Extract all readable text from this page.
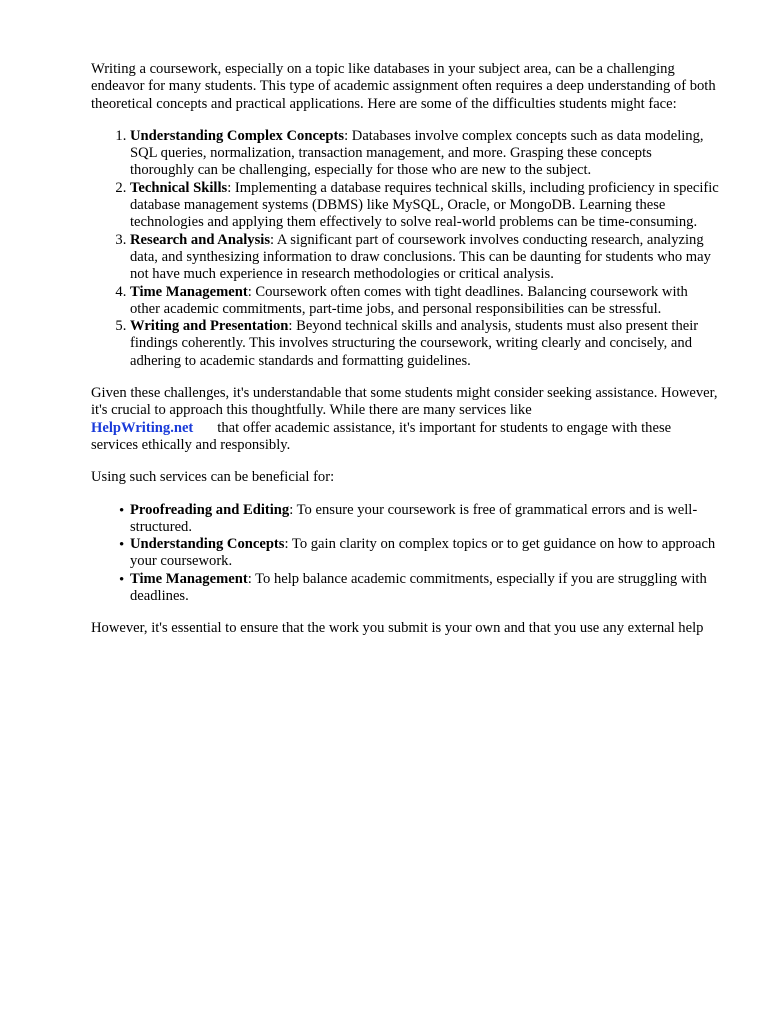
Writing a coursework, especially on a topic like databases in your subject area, can be a challenging endeavor for many students. This type of academic assignment often requires a deep understanding of both theoretical concepts and practical applications. Here are some of the difficulties students might face:

1. Understanding Complex Concepts: Databases involve complex concepts such as data modeling, SQL queries, normalization, transaction management, and more. Grasping these concepts thoroughly can be challenging, especially for those who are new to the subject.
2. Technical Skills: Implementing a database requires technical skills, including proficiency in specific database management systems (DBMS) like MySQL, Oracle, or MongoDB. Learning these technologies and applying them effectively to solve real-world problems can be time-consuming.
3. Research and Analysis: A significant part of coursework involves conducting research, analyzing data, and synthesizing information to draw conclusions. This can be daunting for students who may not have much experience in research methodologies or critical analysis.
4. Time Management: Coursework often comes with tight deadlines. Balancing coursework with other academic commitments, part-time jobs, and personal responsibilities can be stressful.
5. Writing and Presentation: Beyond technical skills and analysis, students must also present their findings coherently. This involves structuring the coursework, writing clearly and concisely, and adhering to academic standards and formatting guidelines.

Given these challenges, it's understandable that some students might consider seeking assistance. However, it's crucial to approach this thoughtfully. While there are many services like
HelpWriting.net that offer academic assistance, it's important for students to engage with these services ethically and responsibly.

Using such services can be beneficial for:

• Proofreading and Editing: To ensure your coursework is free of grammatical errors and is well-structured.
• Understanding Concepts: To gain clarity on complex topics or to get guidance on how to approach your coursework.
• Time Management: To help balance academic commitments, especially if you are struggling with deadlines.

However, it's essential to ensure that the work you submit is your own and that you use any external help
